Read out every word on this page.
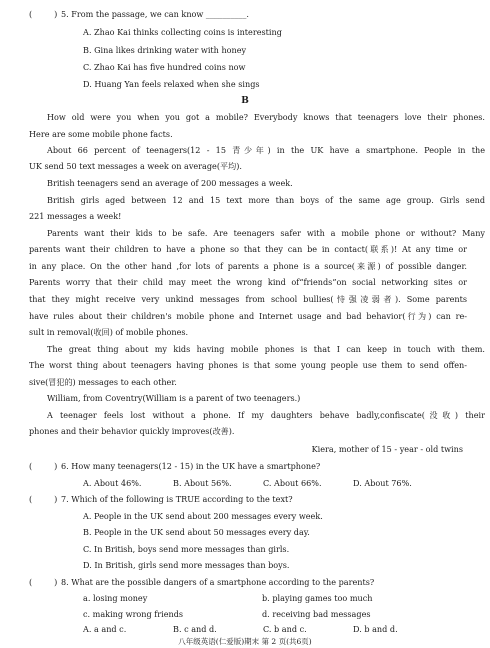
(	) 5. From the passage, we can know __________.
A. Zhao Kai thinks collecting coins is interesting
B. Gina likes drinking water with honey
C. Zhao Kai has five hundred coins now
D. Huang Yan feels relaxed when she sings
B
How old were you when you got a mobile? Everybody knows that teenagers love their phones.
Here are some mobile phone facts.
About 66 percent of teenagers(12 - 15 青少年) in the UK have a smartphone. People in the
UK send 50 text messages a week on average(平均).
British teenagers send an average of 200 messages a week.
British girls aged between 12 and 15 text more than boys of the same age group. Girls send
221 messages a week!
Parents want their kids to be safe. Are teenagers safer with a mobile phone or without? Many
parents want their children to have a phone so that they can be in contact(联系)! At any time or
in any place. On the other hand ,for lots of parents a phone is a source(来源) of possible danger.
Parents worry that their child may meet the wrong kind of“friends”on social networking sites or
that they might receive very unkind messages from school bullies(恃强凌弱者). Some parents
have rules about their children's mobile phone and Internet usage and bad behavior(行为) can re-
sult in removal(收回) of mobile phones.
The great thing about my kids having mobile phones is that I can keep in touch with them.
The worst thing about teenagers having phones is that some young people use them to send offen-
sive(冒犯的) messages to each other.
William, from Coventry(William is a parent of two teenagers.)
A teenager feels lost without a phone. If my daughters behave badly,confiscate(没收) their
phones and their behavior quickly improves(改善).
Kiera, mother of 15 - year - old twins
(	) 6. How many teenagers(12 - 15) in the UK have a smartphone?
A. About 46%.	B. About 56%.	C. About 66%.	D. About 76%.
(	) 7. Which of the following is TRUE according to the text?
A. People in the UK send about 200 messages every week.
B. People in the UK send about 50 messages every day.
C. In British, boys send more messages than girls.
D. In British, girls send more messages than boys.
(	) 8. What are the possible dangers of a smartphone according to the parents?
a. losing money	b. playing games too much
c. making wrong friends	d. receiving bad messages
A. a and c.	B. c and d.	C. b and c.	D. b and d.
八年级英语(仁爱版)期末 第 2 页(共6页)
